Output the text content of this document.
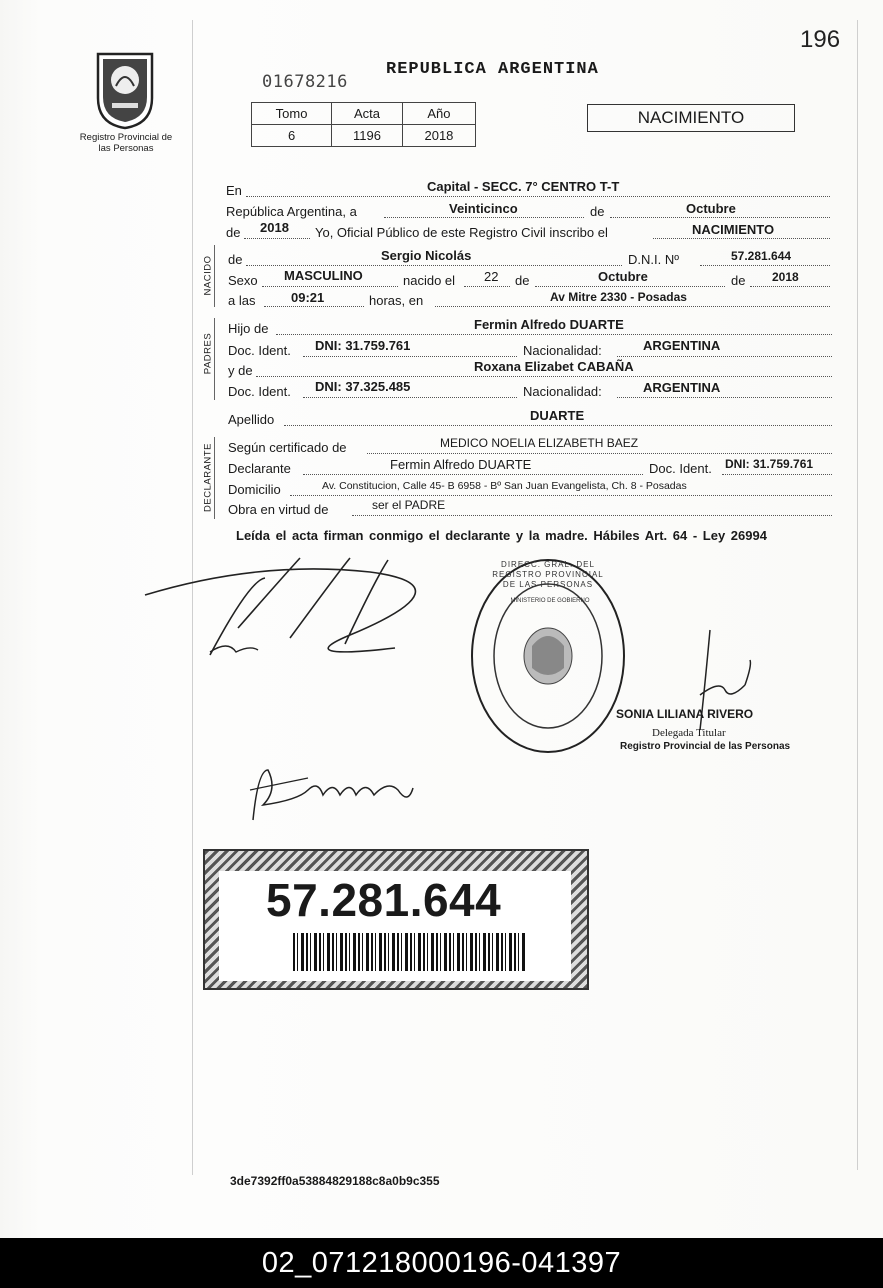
196
Registro Provincial de las Personas
01678216
REPUBLICA ARGENTINA
Tomo	Acta	Año
6	1196	2018
NACIMIENTO
En	Capital - SECC. 7° CENTRO T-T
República Argentina, a	Veinticinco	de	Octubre
de 2018 Yo, Oficial Público de este Registro Civil inscribo el	NACIMIENTO
NACIDO de	Sergio Nicolás	D.N.I. Nº	57.281.644
Sexo MASCULINO	nacido el 22 de	Octubre	de 2018
a las	09:21	horas, en	Av Mitre 2330 - Posadas
PADRES
Hijo de	Fermin Alfredo DUARTE
Doc. Ident. DNI: 31.759.761	Nacionalidad:	ARGENTINA
y de	Roxana Elizabet CABAÑA
Doc. Ident. DNI: 37.325.485	Nacionalidad:	ARGENTINA
Apellido	DUARTE
DECLARANTE Según certificado de	MEDICO NOELIA ELIZABETH BAEZ
Declarante	Fermin Alfredo DUARTE	Doc. Ident. DNI: 31.759.761
Domicilio	Av. Constitucion, Calle 45- B 6958 - Bº San Juan Evangelista, Ch. 8 - Posadas
Obra en virtud de	ser el PADRE
Leída el acta firman conmigo el declarante y la madre. Hábiles Art. 64 - Ley 26994
DIRECC. GRAL. DEL REGISTRO PROVINCIAL DE LAS PERSONAS
MINISTERIO DE GOBIERNO
SONIA LILIANA RIVERO
Delegada Titular
Registro Provincial de las Personas
57.281.644
3de7392ff0a53884829188c8a0b9c355
02_071218000196-041397
